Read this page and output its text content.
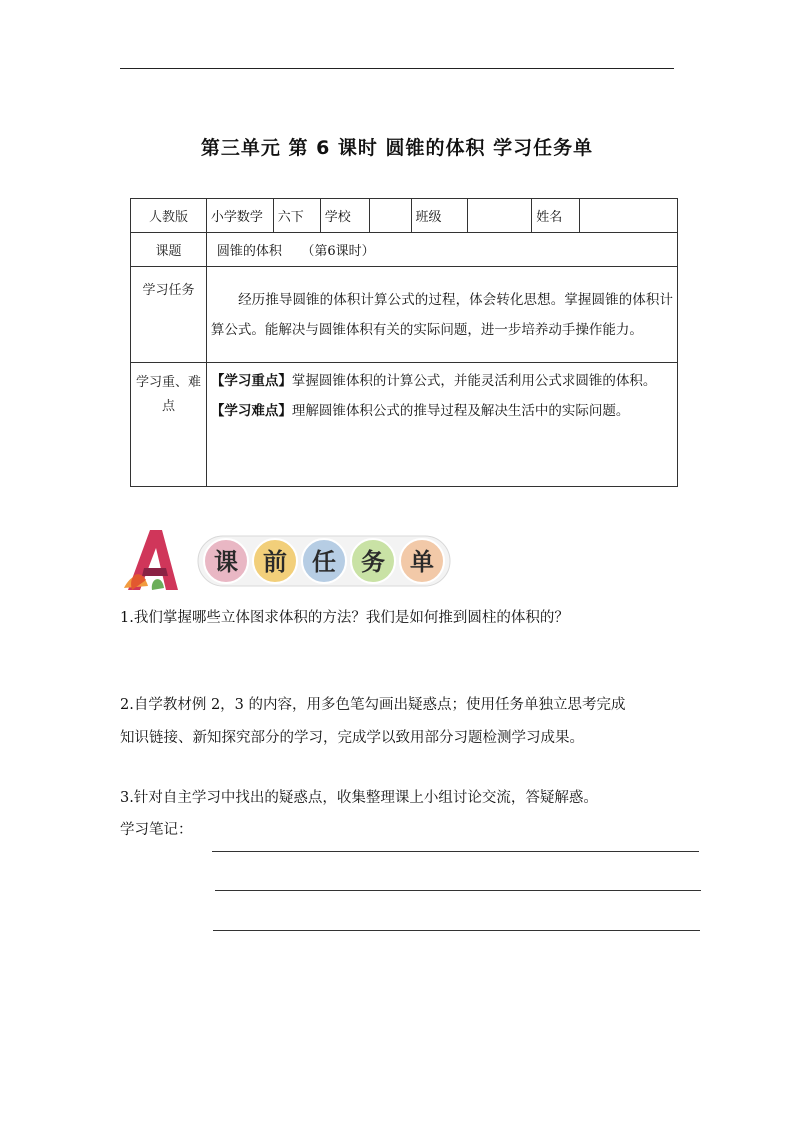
第三单元 第 6 课时 圆锥的体积 学习任务单
人教版	小学数学	六下	学校		班级		姓名	
课题	圆锥的体积　　（第6课时）							
学习任务	　　经历推导圆锥的体积计算公式的过程，体会转化思想。掌握圆锥的体积计算公式。能解决与圆锥体积有关的实际问题，进一步培养动手操作能力。							
学习重、难点	【学习重点】掌握圆锥体积的计算公式，并能灵活利用公式求圆锥的体积。
【学习难点】理解圆锥体积公式的推导过程及解决生活中的实际问题。							
A
课 前 任 务 单
1.我们掌握哪些立体图求体积的方法？我们是如何推到圆柱的体积的？
2.自学教材例 2，3 的内容，用多色笔勾画出疑惑点；使用任务单独立思考完成
知识链接、新知探究部分的学习，完成学以致用部分习题检测学习成果。
3.针对自主学习中找出的疑惑点，收集整理课上小组讨论交流，答疑解惑。
学习笔记：
